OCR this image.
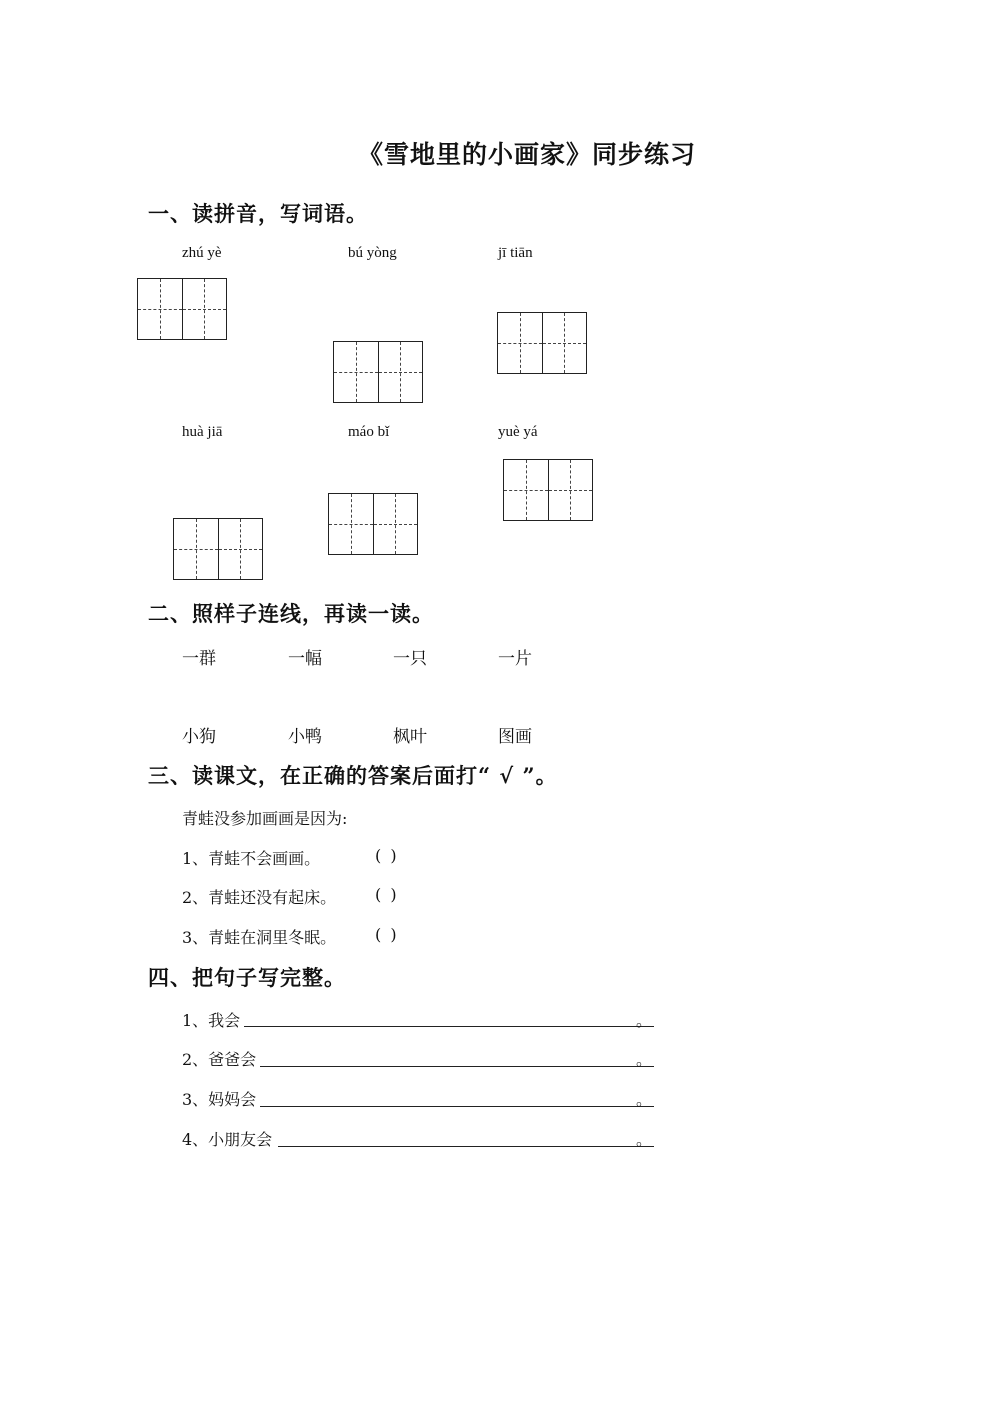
《雪地里的小画家》同步练习
一、读拼音，写词语。
zhú yè	bú yòng	jī tiān
huà jiā	máo bǐ	yuè yá
二、照样子连线，再读一读。
一群	一幅	一只	一片
小狗	小鸭	枫叶	图画
三、读课文，在正确的答案后面打“ √ ”。
青蛙没参加画画是因为:
1、青蛙不会画画。	( )
2、青蛙还没有起床。 ( )
3、青蛙在洞里冬眠。 ( )
四、把句子写完整。
1、我会	。
2、爸爸会	。
3、妈妈会	。
4、小朋友会	。
